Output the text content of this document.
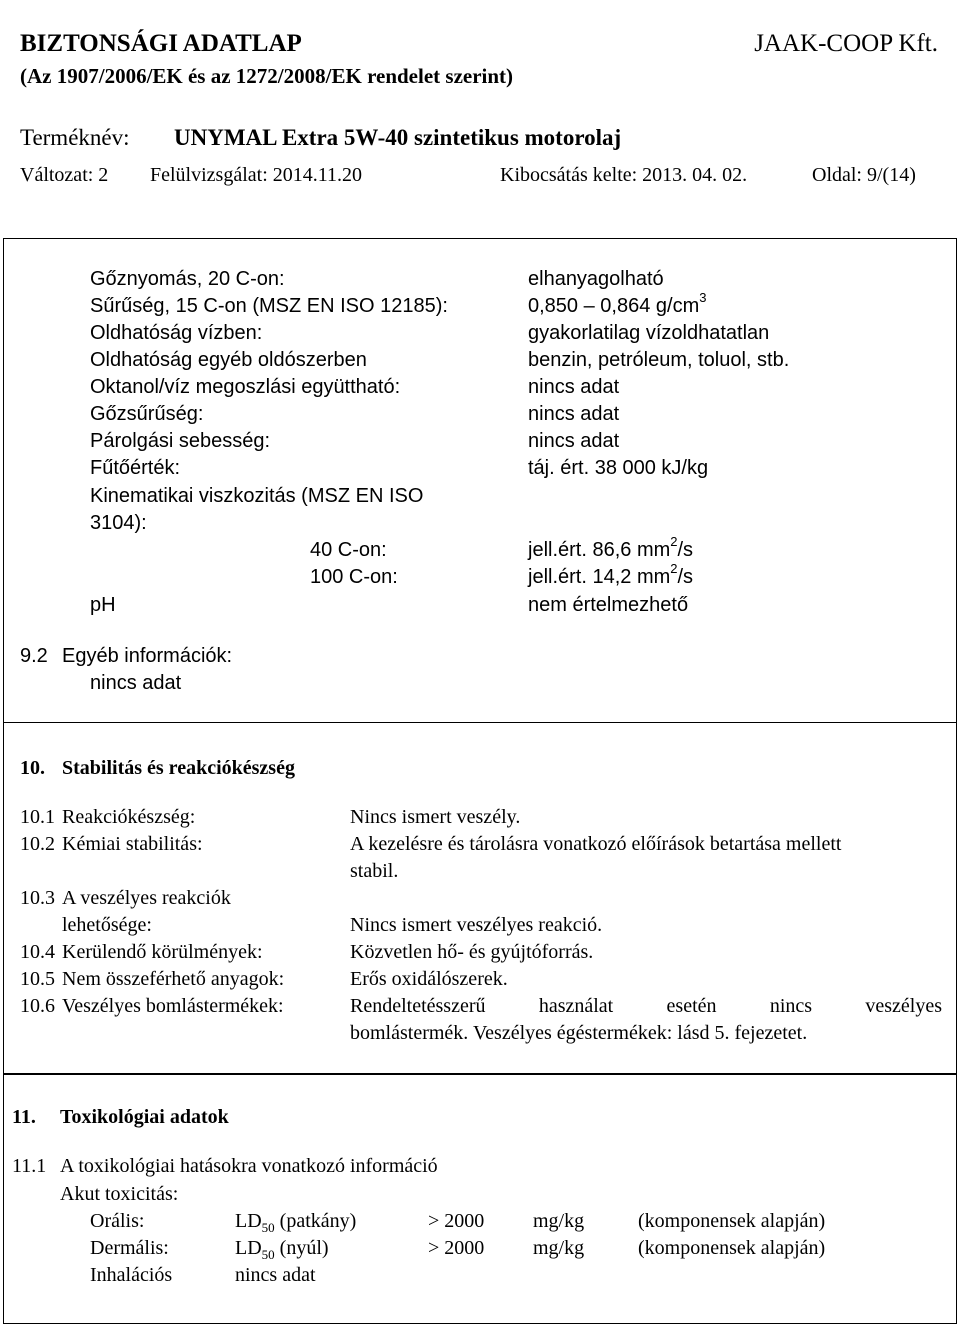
BIZTONSÁGI ADATLAP	JAAK-COOP Kft.
(Az 1907/2006/EK és az 1272/2008/EK rendelet szerint)
Terméknév: UNYMAL Extra 5W-40 szintetikus motorolaj
Változat: 2 Felülvizsgálat: 2014.11.20	Kibocsátás kelte: 2013. 04. 02.	Oldal: 9/(14)
Gőznyomás, 20 C-on:	elhanyagolható
Sűrűség, 15 C-on (MSZ EN ISO 12185):	0,850 – 0,864 $g/cm^3$
Oldhatóság vízben:	gyakorlatilag vízoldhatatlan
Oldhatóság egyéb oldószerben	benzin, petróleum, toluol, stb.
Oktanol/víz megoszlási együttható:	nincs adat
Gőzsűrűség:	nincs adat
Párolgási sebesség:	nincs adat
Fűtőérték:	táj. ért. 38 000 kJ/kg
Kinematikai viszkozitás (MSZ EN ISO
3104):
40 C-on:	jell.ért. 86,6 $mm^2/s$
100 C-on:	jell.ért. 14,2 $mm^2/s$
pH	nem értelmezhető
9.2 Egyéb információk:
nincs adat
10. Stabilitás és reakciókészség
10.1 Reakciókészség:	Nincs ismert veszély.
10.2 Kémiai stabilitás:	A kezelésre és tárolásra vonatkozó előírások betartása mellett
stabil.
10.3 A veszélyes reakciók
lehetősége:	Nincs ismert veszélyes reakció.
10.4 Kerülendő körülmények:	Közvetlen hő- és gyújtóforrás.
10.5 Nem összeférhető anyagok:	Erős oxidálószerek.
10.6 Veszélyes bomlástermékek:	Rendeltetésszerű használat esetén nincs veszélyes
bomlástermék. Veszélyes égéstermékek: lásd 5. fejezetet.
11. Toxikológiai adatok
11.1 A toxikológiai hatásokra vonatkozó információ
Akut toxicitás:
Orális:	$LD_{50}$ (patkány)	> 2000 mg/kg	(komponensek alapján)
Dermális:	$LD_{50}$ (nyúl)	> 2000 mg/kg	(komponensek alapján)
Inhalációs	nincs adat
